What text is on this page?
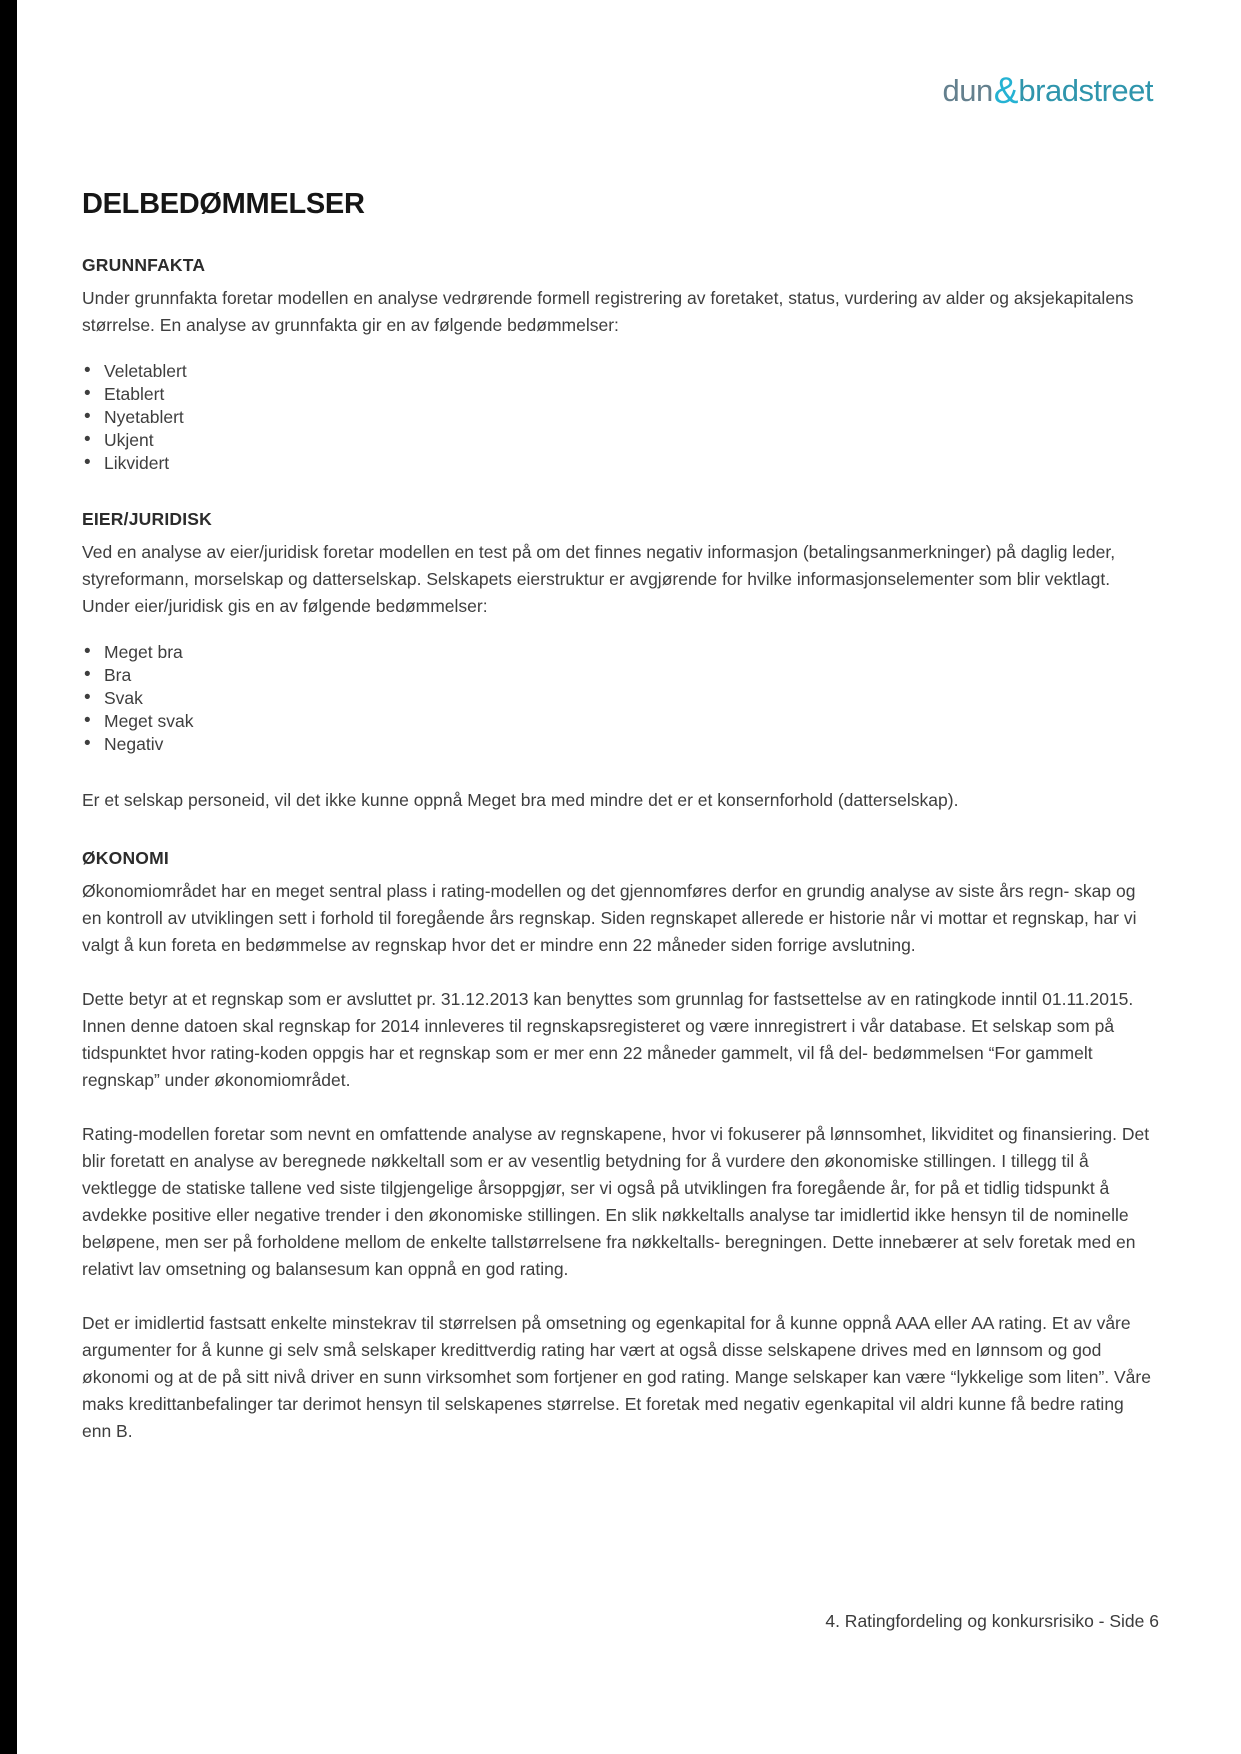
dun&bradstreet
DELBEDØMMELSER
GRUNNFAKTA

Under grunnfakta foretar modellen en analyse vedrørende formell registrering av foretaket, status, vurdering av alder og aksjekapitalens størrelse. En analyse av grunnfakta gir en av følgende bedømmelser:

• Veletablert
• Etablert
• Nyetablert
• Ukjent
• Likvidert
EIER/JURIDISK

Ved en analyse av eier/juridisk foretar modellen en test på om det finnes negativ informasjon (betalingsanmerkninger) på daglig leder, styreformann, morselskap og datterselskap. Selskapets eierstruktur er avgjørende for hvilke informasjonselementer som blir vektlagt. Under eier/juridisk gis en av følgende bedømmelser:

• Meget bra
• Bra
• Svak
• Meget svak
• Negativ

Er et selskap personeid, vil det ikke kunne oppnå Meget bra med mindre det er et konsernforhold (datterselskap).

ØKONOMI

Økonomiområdet har en meget sentral plass i rating-modellen og det gjennomføres derfor en grundig analyse av siste års regn- skap og en kontroll av utviklingen sett i forhold til foregående års regnskap. Siden regnskapet allerede er historie når vi mottar et regnskap, har vi valgt å kun foreta en bedømmelse av regnskap hvor det er mindre enn 22 måneder siden forrige avslutning.

Dette betyr at et regnskap som er avsluttet pr. 31.12.2013 kan benyttes som grunnlag for fastsettelse av en ratingkode inntil 01.11.2015. Innen denne datoen skal regnskap for 2014 innleveres til regnskapsregisteret og være innregistrert i vår database. Et selskap som på tidspunktet hvor rating-koden oppgis har et regnskap som er mer enn 22 måneder gammelt, vil få del- bedømmelsen “For gammelt regnskap” under økonomiområdet.

Rating-modellen foretar som nevnt en omfattende analyse av regnskapene, hvor vi fokuserer på lønnsomhet, likviditet og finansiering. Det blir foretatt en analyse av beregnede nøkkeltall som er av vesentlig betydning for å vurdere den økonomiske stillingen. I tillegg til å vektlegge de statiske tallene ved siste tilgjengelige årsoppgjør, ser vi også på utviklingen fra foregående år, for på et tidlig tidspunkt å avdekke positive eller negative trender i den økonomiske stillingen. En slik nøkkeltalls analyse tar imidlertid ikke hensyn til de nominelle beløpene, men ser på forholdene mellom de enkelte tallstørrelsene fra nøkkeltalls- beregningen. Dette innebærer at selv foretak med en relativt lav omsetning og balansesum kan oppnå en god rating.

Det er imidlertid fastsatt enkelte minstekrav til størrelsen på omsetning og egenkapital for å kunne oppnå AAA eller AA rating. Et av våre argumenter for å kunne gi selv små selskaper kredittverdig rating har vært at også disse selskapene drives med en lønnsom og god økonomi og at de på sitt nivå driver en sunn virksomhet som fortjener en god rating. Mange selskaper kan være “lykkelige som liten”. Våre maks kredittanbefalinger tar derimot hensyn til selskapenes størrelse. Et foretak med negativ egenkapital vil aldri kunne få bedre rating enn B.

4. Ratingfordeling og konkursrisiko - Side 6
